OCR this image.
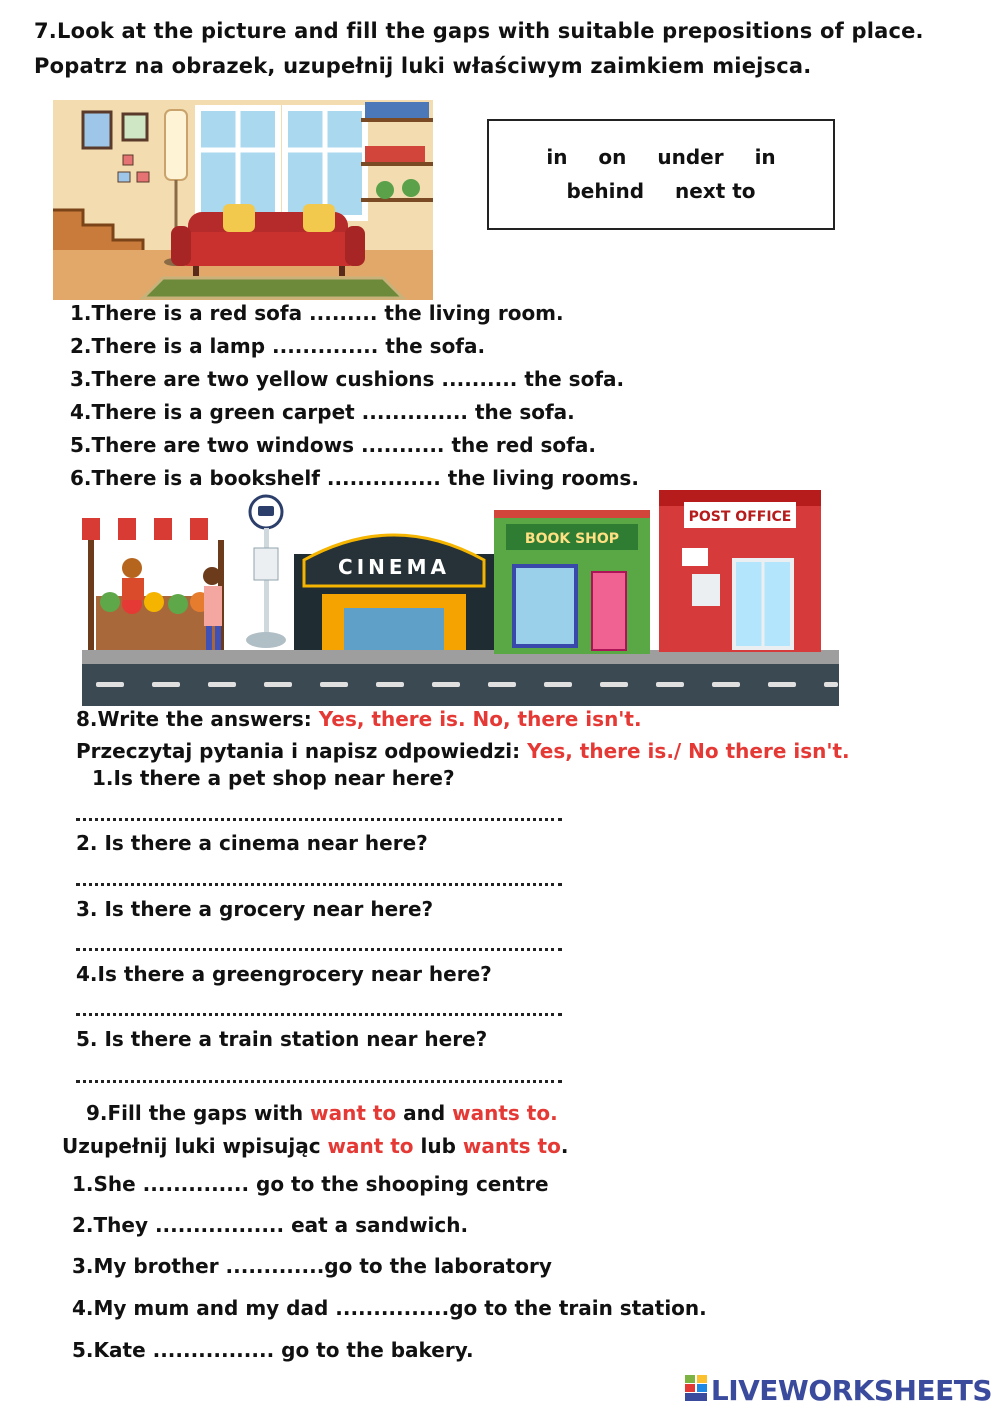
7.Look at the picture and fill the gaps with suitable prepositions of place.
Popatrz na obrazek, uzupełnij luki właściwym zaimkiem miejsca.
in on under in
behind next to
1.There is a red sofa ......... the living room.
2.There is a lamp .............. the sofa.
3.There are two yellow cushions .......... the sofa.
4.There is a green carpet .............. the sofa.
5.There are two windows ........... the red sofa.
6.There is a bookshelf ............... the living rooms.
CINEMA
BOOK SHOP
POST OFFICE
8.Write the answers: Yes, there is. No, there isn't.
Przeczytaj pytania i napisz odpowiedzi: Yes, there is./ No there isn't.
1.Is there a pet shop near here?
2. Is there a cinema near here?
3. Is there a grocery near here?
4.Is there a greengrocery near here?
5. Is there a train station near here?
9.Fill the gaps with want to and wants to.
Uzupełnij luki wpisując want to lub wants to.
1.She .............. go to the shooping centre
2.They ................. eat a sandwich.
3.My brother .............go to the laboratory
4.My mum and my dad ...............go to the train station.
5.Kate ................ go to the bakery.
LIVEWORKSHEETS
